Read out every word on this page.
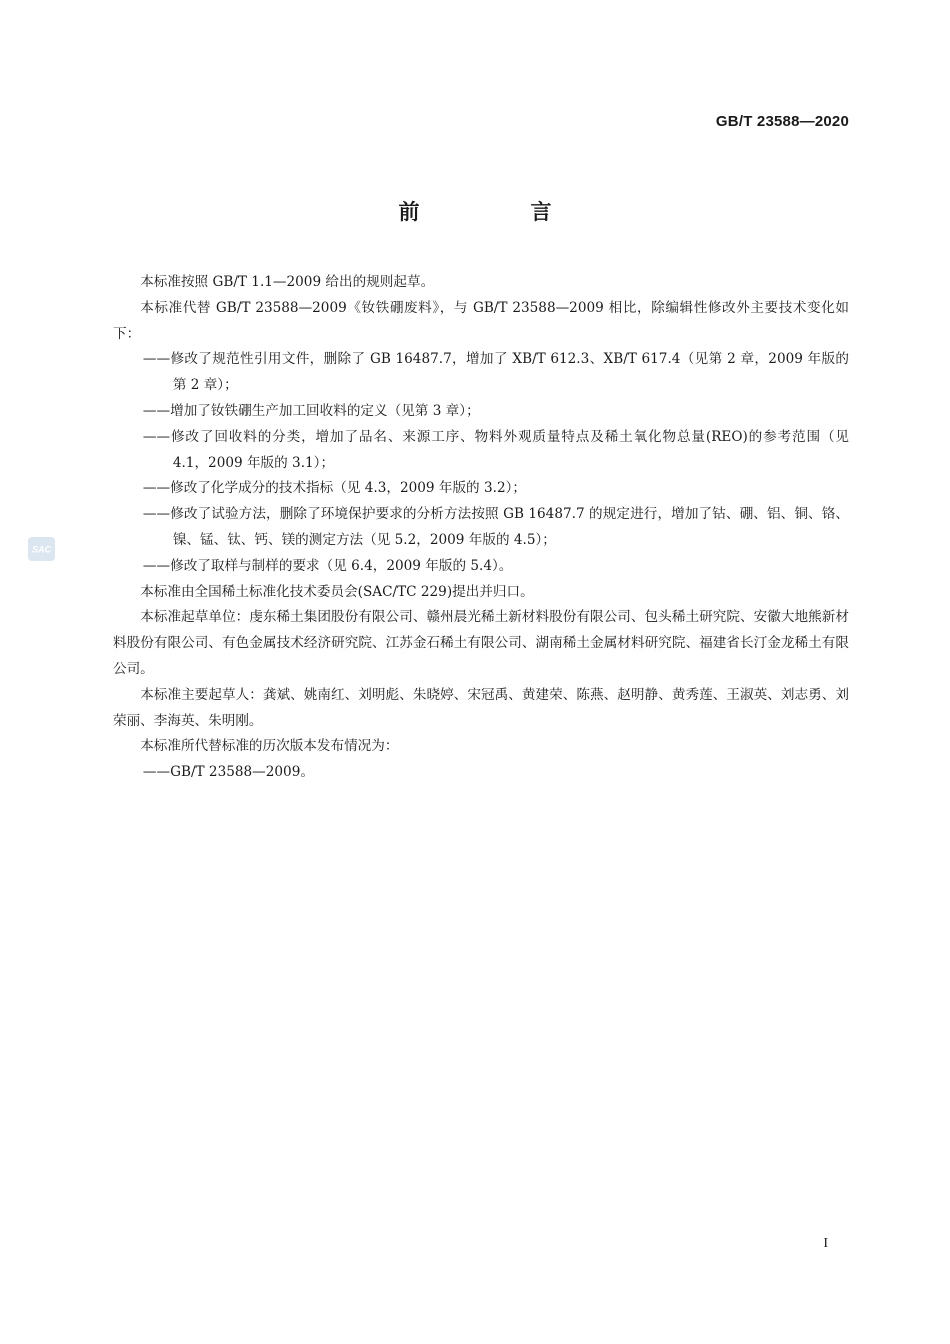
GB/T 23588—2020
前　言
SAC

本标准按照 GB/T 1.1—2009 给出的规则起草。

本标准代替 GB/T 23588—2009《钕铁硼废料》，与 GB/T 23588—2009 相比，除编辑性修改外主要技术变化如下：

——修改了规范性引用文件，删除了 GB 16487.7，增加了 XB/T 612.3、XB/T 617.4（见第 2 章，2009 年版的第 2 章）；

——增加了钕铁硼生产加工回收料的定义（见第 3 章）；

——修改了回收料的分类，增加了品名、来源工序、物料外观质量特点及稀土氧化物总量(REO)的参考范围（见 4.1，2009 年版的 3.1）；

——修改了化学成分的技术指标（见 4.3，2009 年版的 3.2）；

——修改了试验方法，删除了环境保护要求的分析方法按照 GB 16487.7 的规定进行，增加了钴、硼、铝、铜、铬、镍、锰、钛、钙、镁的测定方法（见 5.2，2009 年版的 4.5）；

——修改了取样与制样的要求（见 6.4，2009 年版的 5.4）。

本标准由全国稀土标准化技术委员会(SAC/TC 229)提出并归口。

本标准起草单位：虔东稀土集团股份有限公司、赣州晨光稀土新材料股份有限公司、包头稀土研究院、安徽大地熊新材料股份有限公司、有色金属技术经济研究院、江苏金石稀土有限公司、湖南稀土金属材料研究院、福建省长汀金龙稀土有限公司。

本标准主要起草人：龚斌、姚南红、刘明彪、朱晓婷、宋冠禹、黄建荣、陈燕、赵明静、黄秀莲、王淑英、刘志勇、刘荣丽、李海英、朱明刚。

本标准所代替标准的历次版本发布情况为：

——GB/T 23588—2009。

I
